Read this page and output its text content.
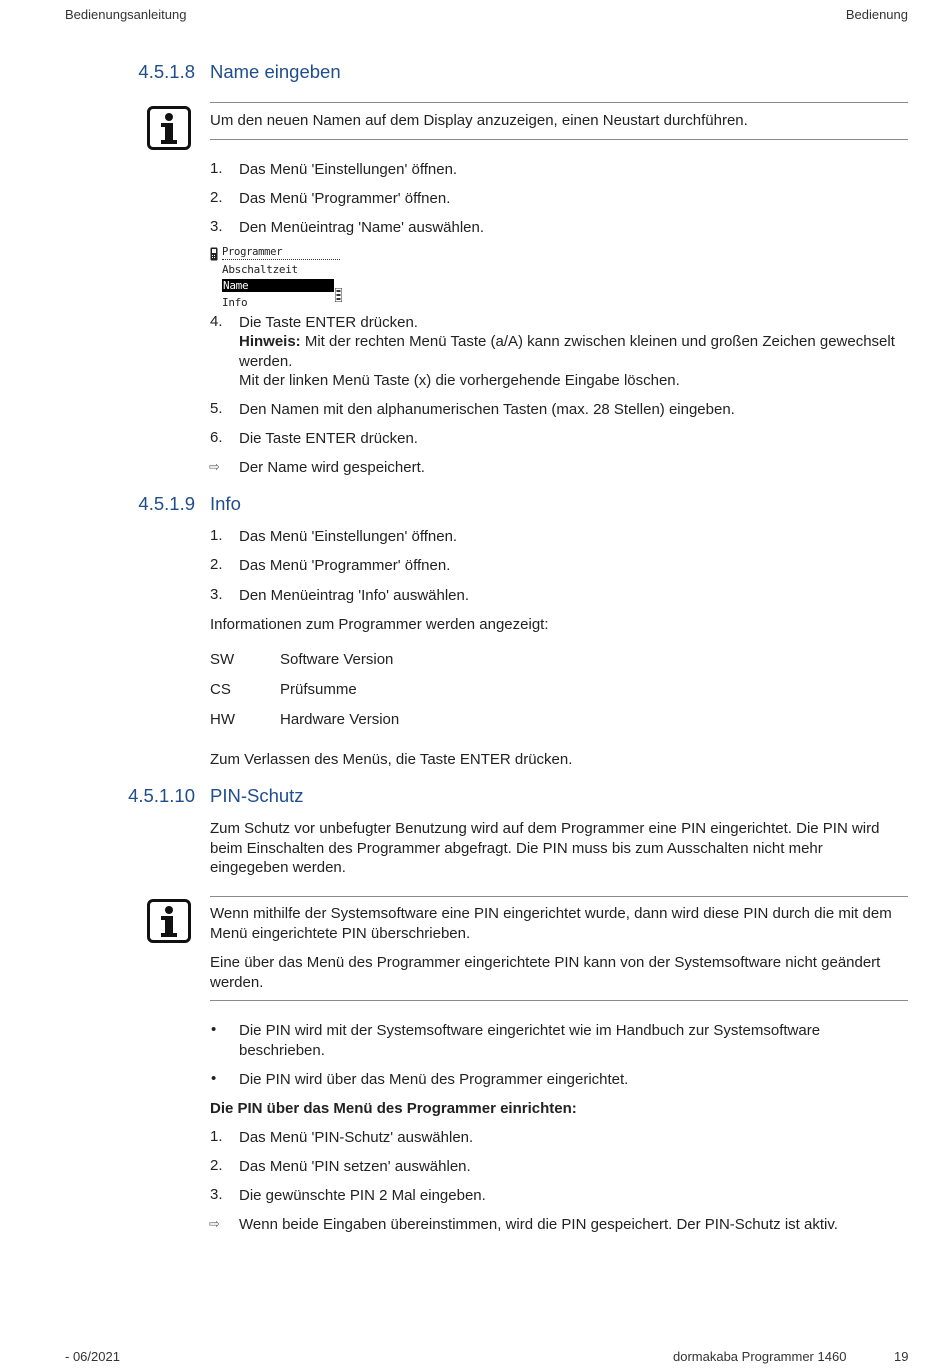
Bedienungsanleitung	Bedienung
4.5.1.8 Name eingeben
Um den neuen Namen auf dem Display anzuzeigen, einen Neustart durchführen.
1. Das Menü 'Einstellungen' öffnen.
2. Das Menü 'Programmer' öffnen.
3. Den Menüeintrag 'Name' auswählen.
Programmer
Abschaltzeit
Name
Info
4. Die Taste ENTER drücken.
Hinweis: Mit der rechten Menü Taste (a/A) kann zwischen kleinen und großen Zeichen gewechselt werden.
Mit der linken Menü Taste (x) die vorhergehende Eingabe löschen.
5. Den Namen mit den alphanumerischen Tasten (max. 28 Stellen) eingeben.
6. Die Taste ENTER drücken.
⇨ Der Name wird gespeichert.
4.5.1.9 Info
1. Das Menü 'Einstellungen' öffnen.
2. Das Menü 'Programmer' öffnen.
3. Den Menüeintrag 'Info' auswählen.
Informationen zum Programmer werden angezeigt:
SW	Software Version
CS	Prüfsumme
HW	Hardware Version
Zum Verlassen des Menüs, die Taste ENTER drücken.
4.5.1.10 PIN-Schutz
Zum Schutz vor unbefugter Benutzung wird auf dem Programmer eine PIN eingerichtet. Die PIN wird beim Einschalten des Programmer abgefragt. Die PIN muss bis zum Ausschalten nicht mehr eingegeben werden.
Wenn mithilfe der Systemsoftware eine PIN eingerichtet wurde, dann wird diese PIN durch die mit dem Menü eingerichtete PIN überschrieben.
Eine über das Menü des Programmer eingerichtete PIN kann von der Systemsoftware nicht geändert werden.
• Die PIN wird mit der Systemsoftware eingerichtet wie im Handbuch zur Systemsoftware beschrieben.
• Die PIN wird über das Menü des Programmer eingerichtet.
Die PIN über das Menü des Programmer einrichten:
1. Das Menü 'PIN-Schutz' auswählen.
2. Das Menü 'PIN setzen' auswählen.
3. Die gewünschte PIN 2 Mal eingeben.
⇨ Wenn beide Eingaben übereinstimmen, wird die PIN gespeichert. Der PIN-Schutz ist aktiv.
- 06/2021	dormakaba Programmer 1460	19
